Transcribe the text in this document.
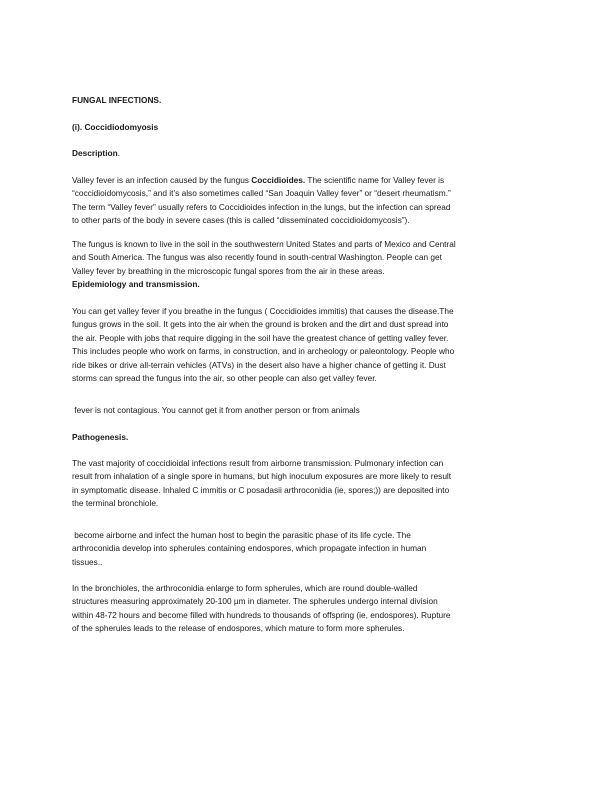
FUNGAL INFECTIONS.
(i). Coccidiodomyosis
Description.
Valley fever is an infection caused by the fungus Coccidioides. The scientific name for Valley fever is
“coccidioidomycosis,” and it’s also sometimes called “San Joaquin Valley fever” or “desert rheumatism.”
The term “Valley fever” usually refers to Coccidioides infection in the lungs, but the infection can spread
to other parts of the body in severe cases (this is called “disseminated coccidioidomycosis”).
The fungus is known to live in the soil in the southwestern United States and parts of Mexico and Central
and South America. The fungus was also recently found in south-central Washington. People can get
Valley fever by breathing in the microscopic fungal spores from the air in these areas.
Epidemiology and transmission.
You can get valley fever if you breathe in the fungus ( Coccidioides immitis) that causes the disease.The
fungus grows in the soil. It gets into the air when the ground is broken and the dirt and dust spread into
the air. People with jobs that require digging in the soil have the greatest chance of getting valley fever.
This includes people who work on farms, in construction, and in archeology or paleontology. People who
ride bikes or drive all-terrain vehicles (ATVs) in the desert also have a higher chance of getting it. Dust
storms can spread the fungus into the air, so other people can also get valley fever.
fever is not contagious. You cannot get it from another person or from animals
Pathogenesis.
The vast majority of coccidioidal infections result from airborne transmission. Pulmonary infection can
result from inhalation of a single spore in humans, but high inoculum exposures are more likely to result
in symptomatic disease. Inhaled C immitis or C posadasii arthroconidia (ie, spores;)) are deposited into
the terminal bronchiole.
become airborne and infect the human host to begin the parasitic phase of its life cycle. The
arthroconidia develop into spherules containing endospores, which propagate infection in human
tissues..
In the bronchioles, the arthroconidia enlarge to form spherules, which are round double-walled
structures measuring approximately 20-100 µm in diameter. The spherules undergo internal division
within 48-72 hours and become filled with hundreds to thousands of offspring (ie, endospores). Rupture
of the spherules leads to the release of endospores, which mature to form more spherules.
